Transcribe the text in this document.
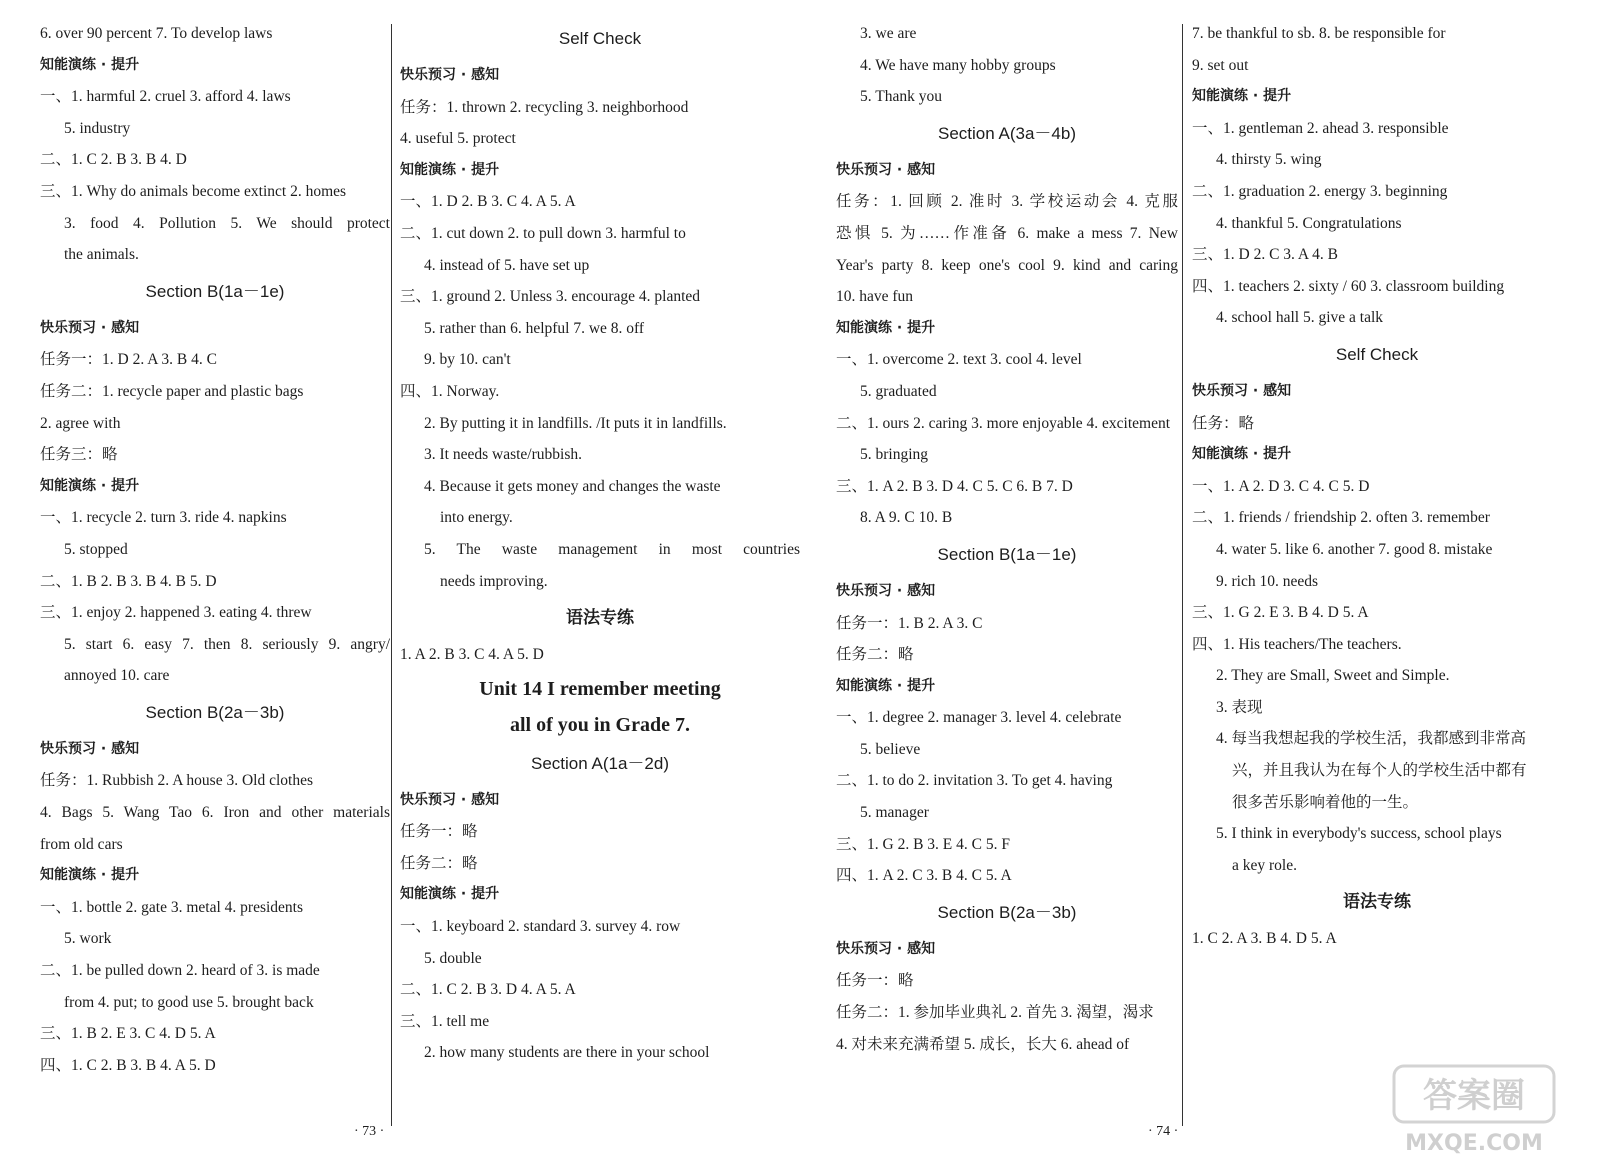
6. over 90 percent 7. To develop laws
知能演练 · 提升
一、1. harmful 2. cruel 3. afford 4. laws
5. industry
二、1. C 2. B 3. B 4. D
三、1. Why do animals become extinct 2. homes
3. food 4. Pollution 5. We should protect
the animals.
Section B(1a－1e)
快乐预习 · 感知
任务一：1. D 2. A 3. B 4. C
任务二：1. recycle paper and plastic bags
2. agree with
任务三：略
知能演练 · 提升
一、1. recycle 2. turn 3. ride 4. napkins
5. stopped
二、1. B 2. B 3. B 4. B 5. D
三、1. enjoy 2. happened 3. eating 4. threw
5. start 6. easy 7. then 8. seriously 9. angry/
annoyed 10. care
Section B(2a－3b)
快乐预习 · 感知
任务：1. Rubbish 2. A house 3. Old clothes
4. Bags 5. Wang Tao 6. Iron and other materials
from old cars
知能演练 · 提升
一、1. bottle 2. gate 3. metal 4. presidents
5. work
二、1. be pulled down 2. heard of 3. is made
from 4. put; to good use 5. brought back
三、1. B 2. E 3. C 4. D 5. A
四、1. C 2. B 3. B 4. A 5. D
Self Check
快乐预习 · 感知
任务：1. thrown 2. recycling 3. neighborhood
4. useful 5. protect
知能演练 · 提升
一、1. D 2. B 3. C 4. A 5. A
二、1. cut down 2. to pull down 3. harmful to
4. instead of 5. have set up
三、1. ground 2. Unless 3. encourage 4. planted
5. rather than 6. helpful 7. we 8. off
9. by 10. can't
四、1. Norway.
2. By putting it in landfills. /It puts it in landfills.
3. It needs waste/rubbish.
4. Because it gets money and changes the waste
into energy.
5. The waste management in most countries
needs improving.
语法专练
1. A 2. B 3. C 4. A 5. D
Unit 14 I remember meeting
all of you in Grade 7.
Section A(1a－2d)
快乐预习 · 感知
任务一：略
任务二：略
知能演练 · 提升
一、1. keyboard 2. standard 3. survey 4. row
5. double
二、1. C 2. B 3. D 4. A 5. A
三、1. tell me
2. how many students are there in your school
3. we are
4. We have many hobby groups
5. Thank you
Section A(3a－4b)
快乐预习 · 感知
任务：1. 回顾 2. 准时 3. 学校运动会 4. 克服
恐惧 5. 为……作准备 6. make a mess 7. New
Year's party 8. keep one's cool 9. kind and caring
10. have fun
知能演练 · 提升
一、1. overcome 2. text 3. cool 4. level
5. graduated
二、1. ours 2. caring 3. more enjoyable 4. excitement
5. bringing
三、1. A 2. B 3. D 4. C 5. C 6. B 7. D
8. A 9. C 10. B
Section B(1a－1e)
快乐预习 · 感知
任务一：1. B 2. A 3. C
任务二：略
知能演练 · 提升
一、1. degree 2. manager 3. level 4. celebrate
5. believe
二、1. to do 2. invitation 3. To get 4. having
5. manager
三、1. G 2. B 3. E 4. C 5. F
四、1. A 2. C 3. B 4. C 5. A
Section B(2a－3b)
快乐预习 · 感知
任务一：略
任务二：1. 参加毕业典礼 2. 首先 3. 渴望，渴求
4. 对未来充满希望 5. 成长，长大 6. ahead of
7. be thankful to sb. 8. be responsible for
9. set out
知能演练 · 提升
一、1. gentleman 2. ahead 3. responsible
4. thirsty 5. wing
二、1. graduation 2. energy 3. beginning
4. thankful 5. Congratulations
三、1. D 2. C 3. A 4. B
四、1. teachers 2. sixty / 60 3. classroom building
4. school hall 5. give a talk
Self Check
快乐预习 · 感知
任务：略
知能演练 · 提升
一、1. A 2. D 3. C 4. C 5. D
二、1. friends / friendship 2. often 3. remember
4. water 5. like 6. another 7. good 8. mistake
9. rich 10. needs
三、1. G 2. E 3. B 4. D 5. A
四、1. His teachers/The teachers.
2. They are Small, Sweet and Simple.
3. 表现
4. 每当我想起我的学校生活，我都感到非常高
兴，并且我认为在每个人的学校生活中都有
很多苦乐影响着他的一生。
5. I think in everybody's success, school plays
a key role.
语法专练
1. C 2. A 3. B 4. D 5. A
· 73 ·	· 74 ·
答案圈
MXQE.COM
